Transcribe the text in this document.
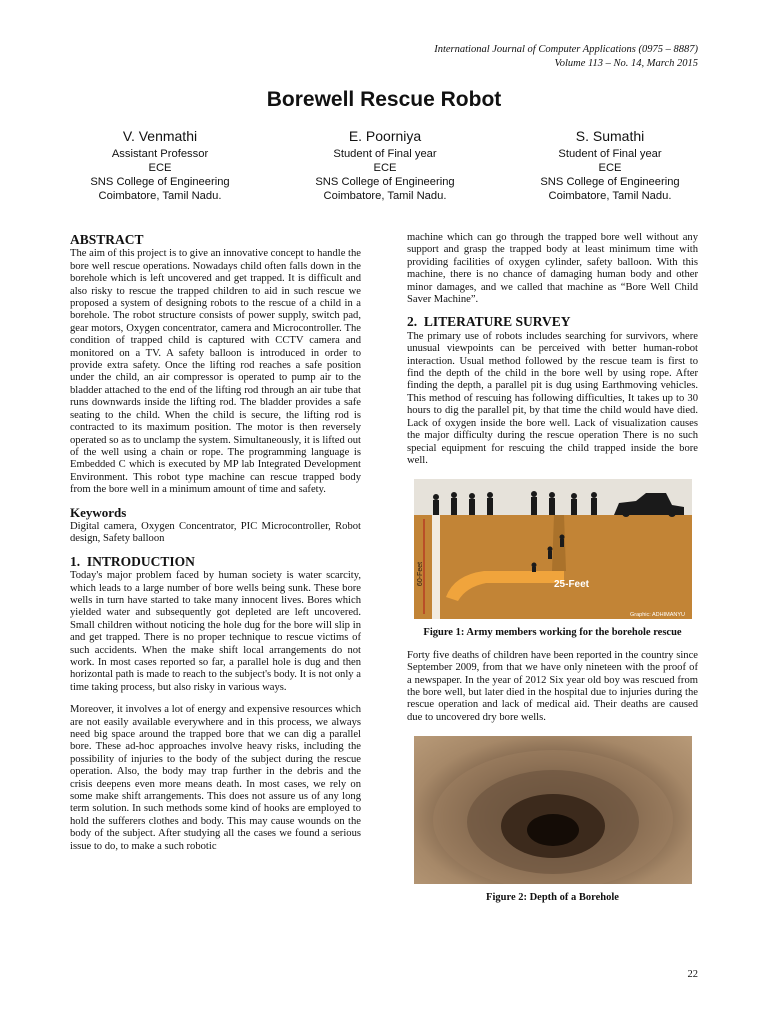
International Journal of Computer Applications (0975 – 8887)
Volume 113 – No. 14, March 2015
Borewell Rescue Robot
V. Venmathi
Assistant Professor
ECE
SNS College of Engineering
Coimbatore, Tamil Nadu.
E. Poorniya
Student of Final year
ECE
SNS College of Engineering
Coimbatore, Tamil Nadu.
S. Sumathi
Student of Final year
ECE
SNS College of Engineering
Coimbatore, Tamil Nadu.
ABSTRACT

The aim of this project is to give an innovative concept to handle the bore well rescue operations. Nowadays child often falls down in the borehole which is left uncovered and get trapped. It is difficult and also risky to rescue the trapped children to aid in such rescue we proposed a system of designing robots to the rescue of a child in a borehole. The robot structure consists of power supply, switch pad, gear motors, Oxygen concentrator, camera and Microcontroller. The condition of trapped child is captured with CCTV camera and monitored on a TV. A safety balloon is introduced in order to provide extra safety. Once the lifting rod reaches a safe position under the child, an air compressor is operated to pump air to the bladder attached to the end of the lifting rod through an air tube that runs downwards inside the lifting rod. The bladder provides a safe seating to the child. When the child is secure, the lifting rod is contracted to its maximum position. The motor is then reversely operated so as to unclamp the system. Simultaneously, it is lifted out of the well using a chain or rope. The programming language is Embedded C which is executed by MP lab Integrated Development Environment. This robot type machine can rescue trapped body from the bore well in a minimum amount of time and safety.

Keywords

Digital camera, Oxygen Concentrator, PIC Microcontroller, Robot design, Safety balloon

1.  INTRODUCTION

Today's major problem faced by human society is water scarcity, which leads to a large number of bore wells being sunk. These bore wells in turn have started to take many innocent lives. Bores which yielded water and subsequently got depleted are left uncovered. Small children without noticing the hole dug for the bore will slip in and get trapped. There is no proper technique to rescue victims of such accidents. When the make shift local arrangements do not work. In most cases reported so far, a parallel hole is dug and then horizontal path is made to reach to the subject's body. It is not only a time taking process, but also risky in various ways.

Moreover, it involves a lot of energy and expensive resources which are not easily available everywhere and in this process, we always need big space around the trapped bore that we can dig a parallel bore. These ad-hoc approaches involve heavy risks, including the possibility of injuries to the body of the subject during the rescue operation. Also, the body may trap further in the debris and the crisis deepens even more means death. In most cases, we rely on some make shift arrangements. This does not assure us of any long term solution. In such methods some kind of hooks are employed to hold the sufferers clothes and body. This may cause wounds on the body of the subject. After studying all the cases we found a serious issue to do, to make a such robotic

machine which can go through the trapped bore well without any support and grasp the trapped body at least minimum time with providing facilities of oxygen cylinder, safety balloon. With this machine, there is no chance of damaging human body and other minor damages, and we called that machine as “Bore Well Child Saver Machine”.

2.  LITERATURE SURVEY

The primary use of robots includes searching for survivors, where unusual viewpoints can be perceived with better human-robot interaction. Usual method followed by the rescue team is first to find the depth of the child in the bore well by using rope. After finding the depth, a parallel pit is dug using Earthmoving vehicles. This method of rescuing has following difficulties, It takes up to 30 hours to dig the parallel pit, by that time the child would have died. Lack of oxygen inside the bore well. Lack of visualization causes the major difficulty during the rescue operation There is no such special equipment for rescuing the child trapped inside the bore well.

60-Feet	25-Feet
Graphic: ADHIMANYU
Figure 1: Army members working for the borehole rescue

Forty five deaths of children have been reported in the country since September 2009, from that we have only nineteen with the proof of a newspaper. In the year of 2012 Six year old boy was rescued from the bore well, but later died in the hospital due to injuries during the rescue operation and lack of medical aid. Their deaths are caused due to uncovered dry bore wells.

Figure 2: Depth of a Borehole
22
